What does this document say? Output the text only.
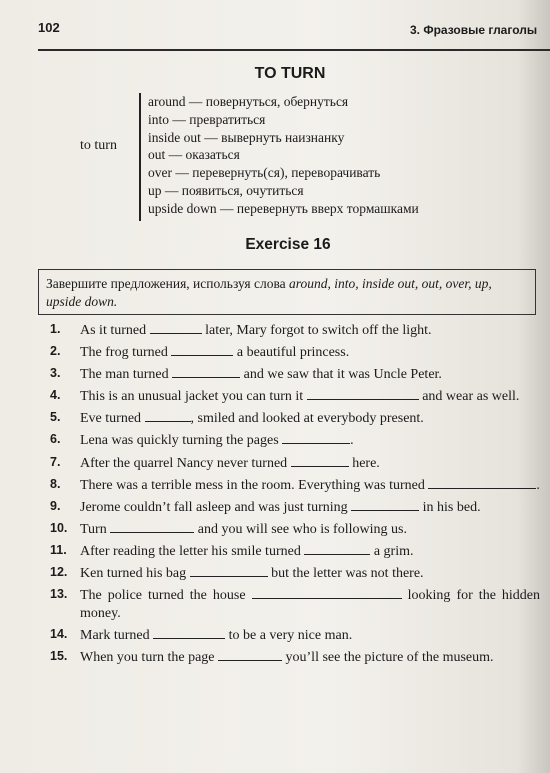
102	3. Фразовые глаголы
TO TURN
to turn
around — повернуться, обернуться
into — превратиться
inside out — вывернуть наизнанку
out — оказаться
over — перевернуть(ся), переворачивать
up — появиться, очутиться
upside down — перевернуть вверх тормашками
Exercise 16
Завершите предложения, используя слова around, into, inside out, out, over, up, upside down.
1. As it turned	later, Mary forgot to switch off the light.
2. The frog turned	a beautiful princess.
3. The man turned	and we saw that it was Uncle Peter.
4. This is an unusual jacket you can turn it	and wear as well.
5. Eve turned	, smiled and looked at everybody present.
6. Lena was quickly turning the pages	.
7. After the quarrel Nancy never turned	here.
8. There was a terrible mess in the room. Everything was turned	.
9. Jerome couldn’t fall asleep and was just turning	in his bed.
10. Turn	and you will see who is following us.
11. After reading the letter his smile turned	a grim.
12. Ken turned his bag	but the letter was not there.
13. The police turned the house	looking for the hidden money.
14. Mark turned	to be a very nice man.
15. When you turn the page	you’ll see the picture of the museum.
